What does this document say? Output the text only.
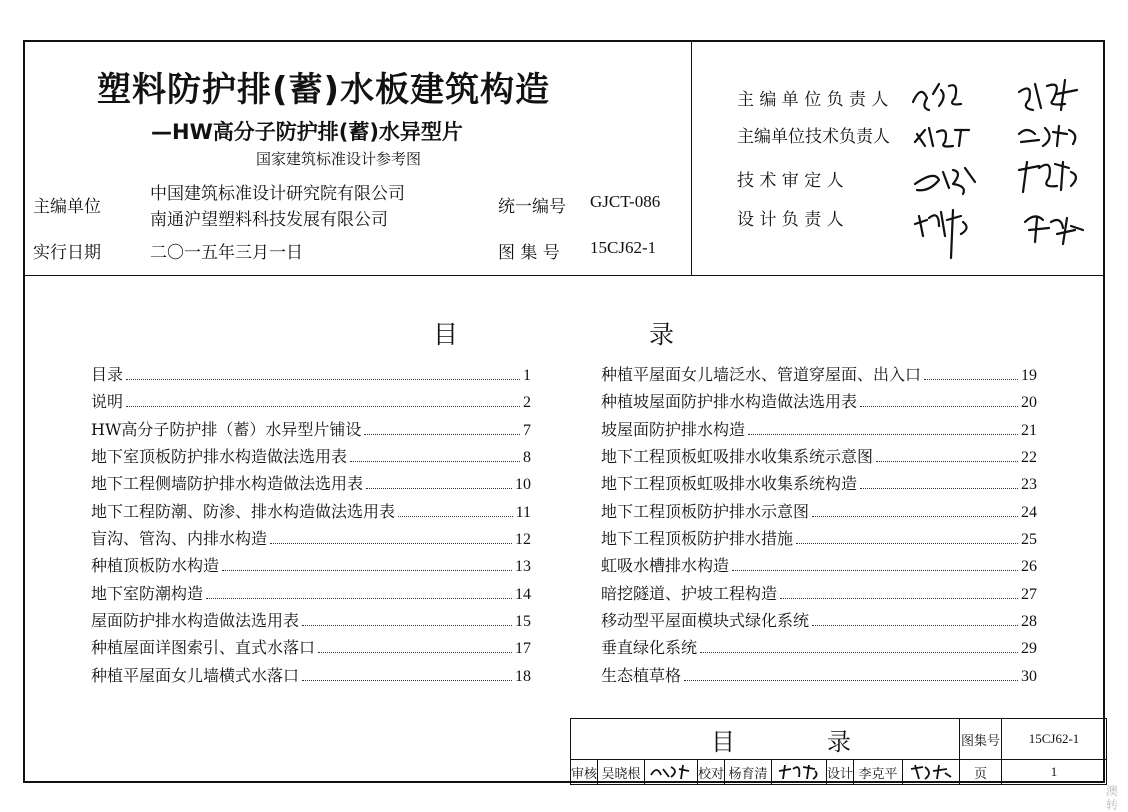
塑料防护排(蓄)水板建筑构造
—HW高分子防护排(蓄)水异型片
国家建筑标准设计参考图
主编单位
中国建筑标准设计研究院有限公司
南通沪望塑料科技发展有限公司
统一编号 GJCT-086
实行日期	二〇一五年三月一日	图 集 号 15CJ62-1
主 编 单 位 负 责 人
主编单位技术负责人
技 术 审 定 人
设 计 负 责 人
目	录
目录	1
说明	2
HW高分子防护排（蓄）水异型片铺设	7
地下室顶板防护排水构造做法选用表	8
地下工程侧墙防护排水构造做法选用表	10
地下工程防潮、防渗、排水构造做法选用表	11
盲沟、管沟、内排水构造	12
种植顶板防水构造	13
地下室防潮构造	14
屋面防护排水构造做法选用表	15
种植屋面详图索引、直式水落口	17
种植平屋面女儿墙横式水落口	18
种植平屋面女儿墙泛水、管道穿屋面、出入口	19
种植坡屋面防护排水构造做法选用表	20
坡屋面防护排水构造	21
地下工程顶板虹吸排水收集系统示意图	22
地下工程顶板虹吸排水收集系统构造	23
地下工程顶板防护排水示意图	24
地下工程顶板防护排水措施	25
虹吸水槽排水构造	26
暗挖隧道、护坡工程构造	27
移动型平屋面模块式绿化系统	28
垂直绿化系统	29
生态植草格	30
目	录	图集号	15CJ62-1
审核 吴晓根	校对 杨育清	设计 李克平	页	1
澳转
